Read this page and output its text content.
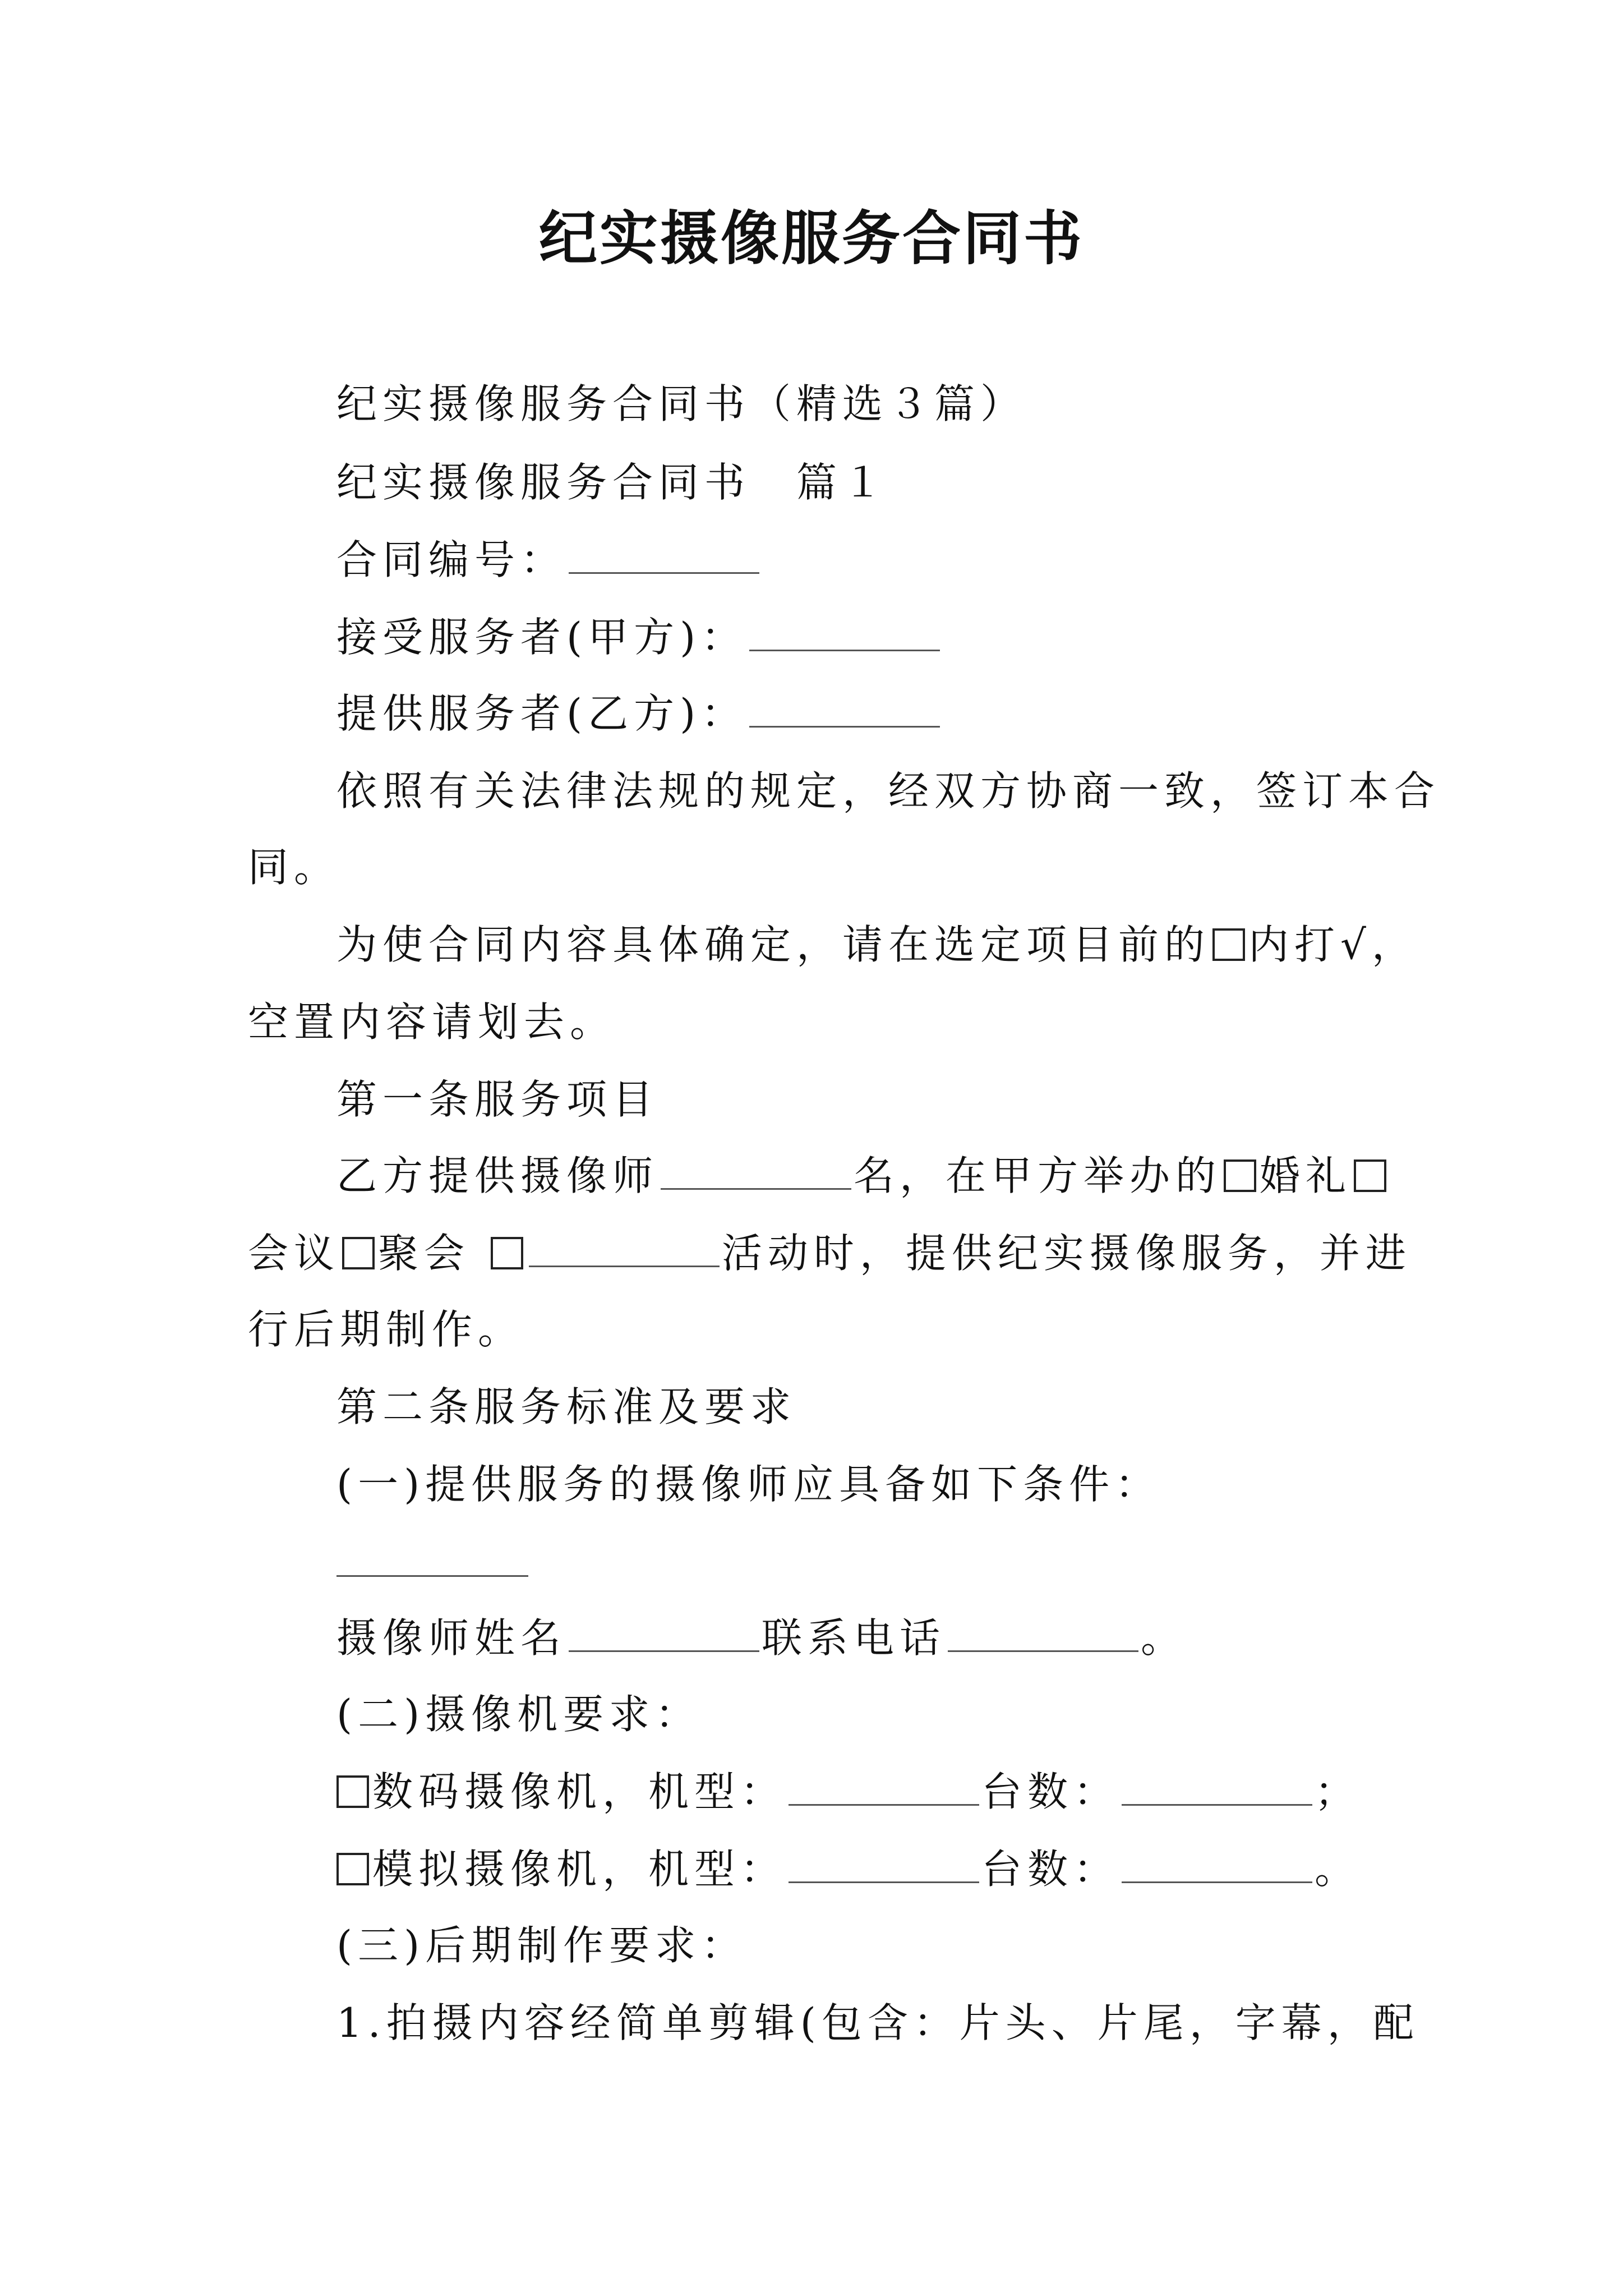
纪实摄像服务合同书
纪实摄像服务合同书（精选３篇）
纪实摄像服务合同书　篇１
合同编号：
接受服务者(甲方)：
提供服务者(乙方)：
依照有关法律法规的规定，经双方协商一致，签订本合
同。
为使合同内容具体确定，请在选定项目前的 内打√，
空置内容请划去。
第一条服务项目
乙方提供摄像师	名，在甲方举办的 婚礼
会议 聚会	活动时，提供纪实摄像服务，并进
行后期制作。
第二条服务标准及要求
(一)提供服务的摄像师应具备如下条件：
摄像师姓名	联系电话	。
(二)摄像机要求：
数码摄像机，机型：	台数：	；
模拟摄像机，机型：	台数：	。
(三)后期制作要求：
1.拍摄内容经简单剪辑(包含：片头、片尾，字幕，配
